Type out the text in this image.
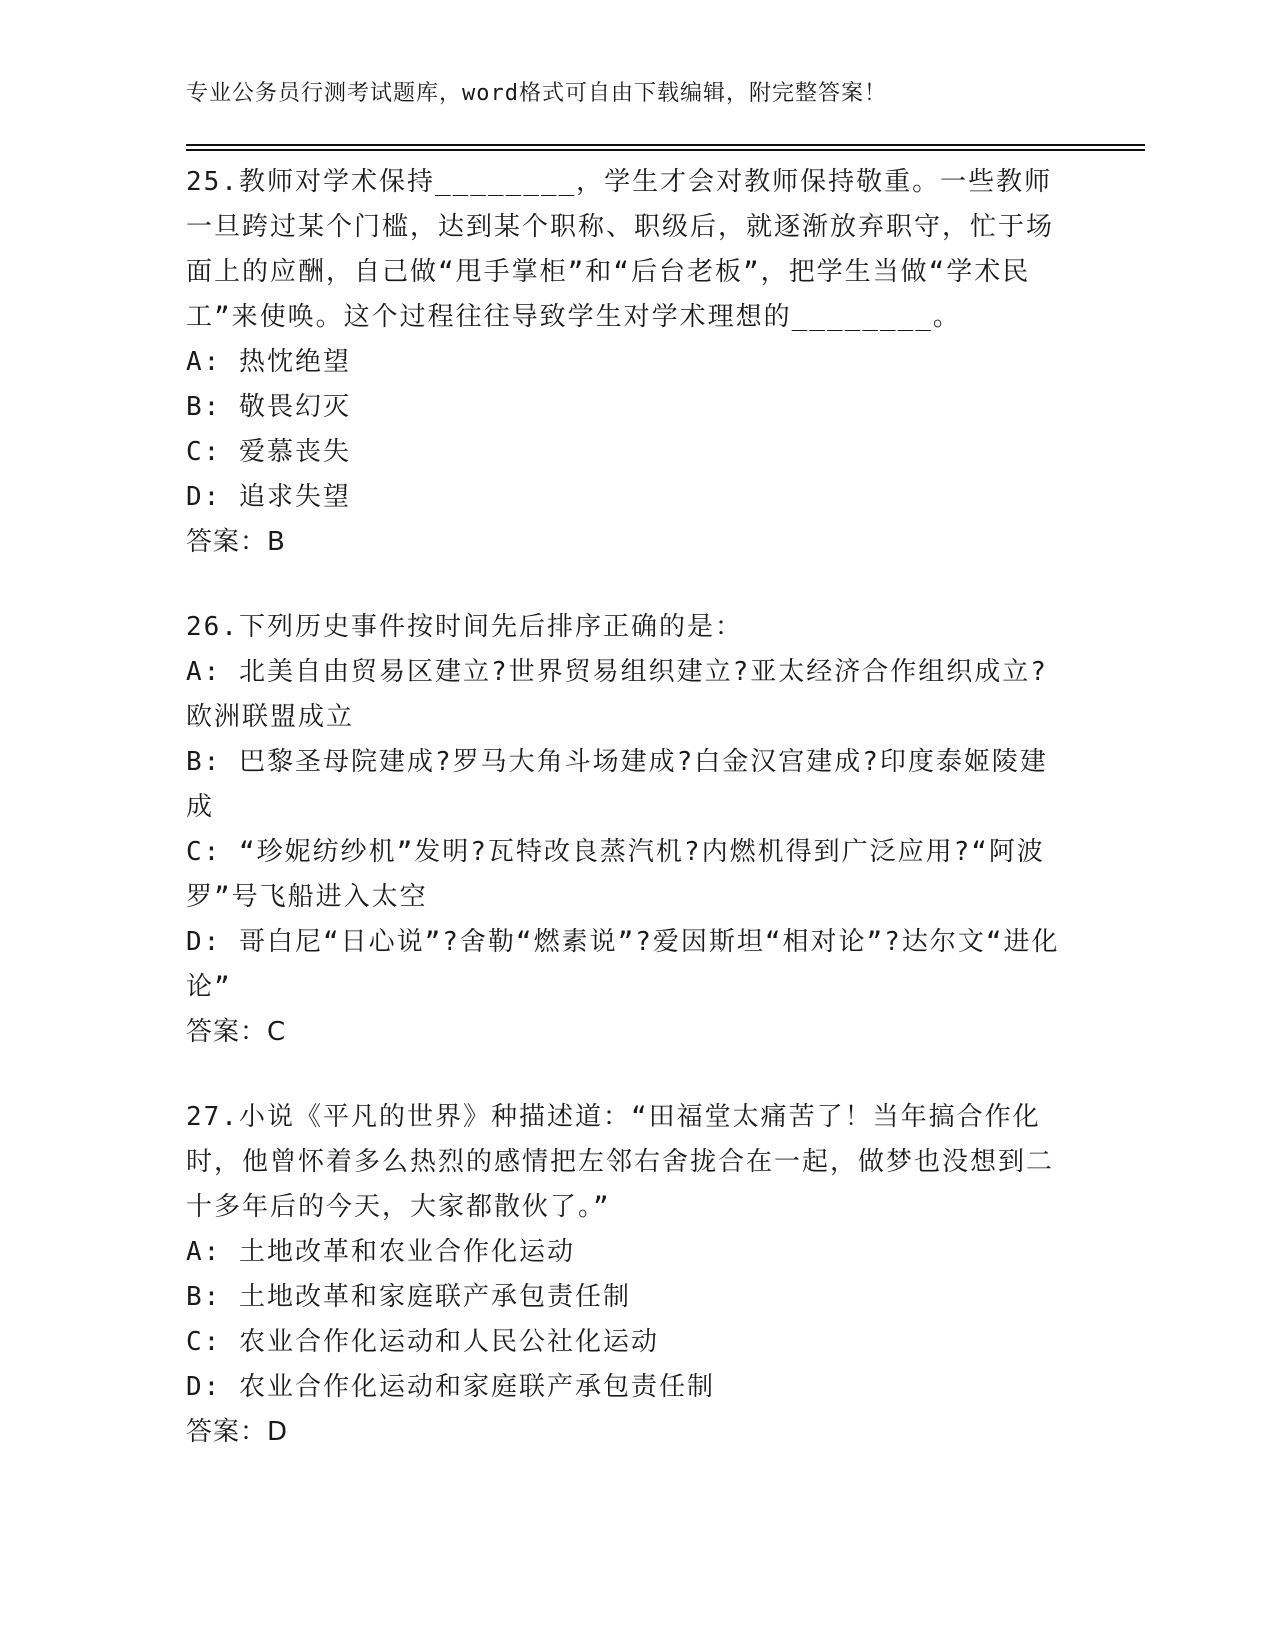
专业公务员行测考试题库，word格式可自由下载编辑，附完整答案！

25.教师对学术保持________，学生才会对教师保持敬重。一些教师一旦跨过某个门槛，达到某个职称、职级后，就逐渐放弃职守，忙于场面上的应酬，自己做“甩手掌柜”和“后台老板”，把学生当做“学术民工”来使唤。这个过程往往导致学生对学术理想的________。

A: 热忱绝望

B: 敬畏幻灭

C: 爱慕丧失

D: 追求失望

答案：B

26.下列历史事件按时间先后排序正确的是：

A: 北美自由贸易区建立?世界贸易组织建立?亚太经济合作组织成立?欧洲联盟成立

B: 巴黎圣母院建成?罗马大角斗场建成?白金汉宫建成?印度泰姬陵建成

C: “珍妮纺纱机”发明?瓦特改良蒸汽机?内燃机得到广泛应用?“阿波罗”号飞船进入太空

D: 哥白尼“日心说”?舍勒“燃素说”?爱因斯坦“相对论”?达尔文“进化论”

答案：C

27.小说《平凡的世界》种描述道：“田福堂太痛苦了！当年搞合作化时，他曾怀着多么热烈的感情把左邻右舍拢合在一起，做梦也没想到二十多年后的今天，大家都散伙了。”

A: 土地改革和农业合作化运动

B: 土地改革和家庭联产承包责任制

C: 农业合作化运动和人民公社化运动

D: 农业合作化运动和家庭联产承包责任制

答案：D
